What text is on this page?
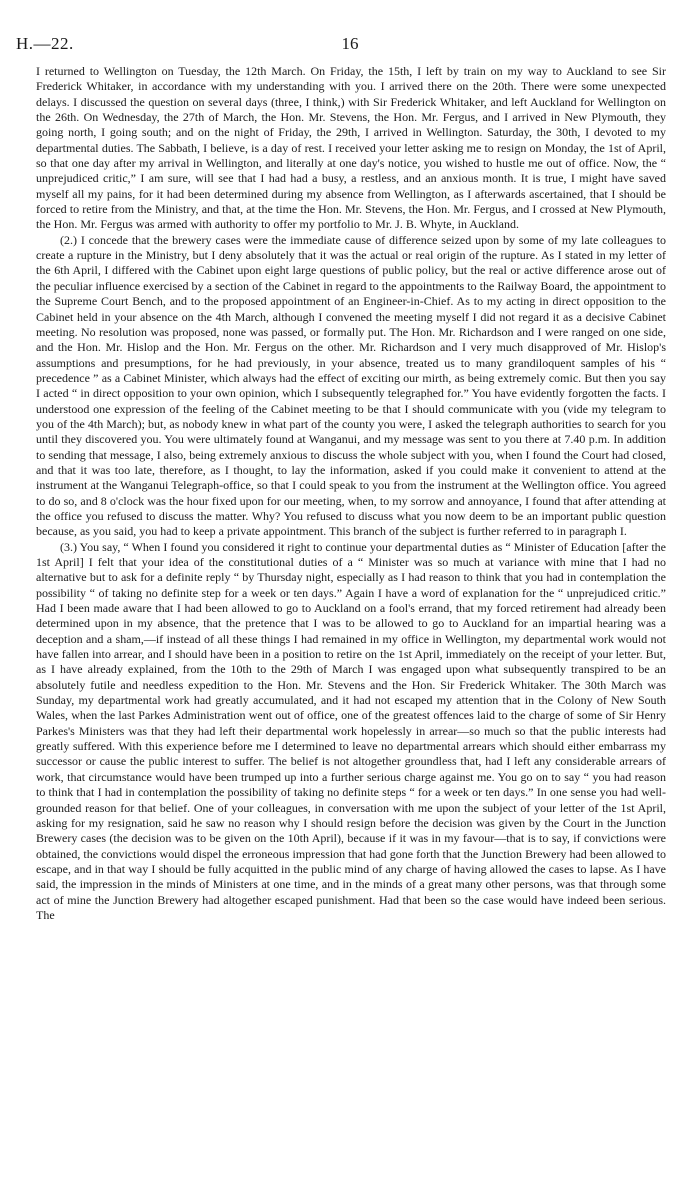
H.—22.	16

I returned to Wellington on Tuesday, the 12th March. On Friday, the 15th, I left by train on my way to Auckland to see Sir Frederick Whitaker, in accordance with my understanding with you. I arrived there on the 20th. There were some unexpected delays. I discussed the question on several days (three, I think,) with Sir Frederick Whitaker, and left Auckland for Wellington on the 26th. On Wednesday, the 27th of March, the Hon. Mr. Stevens, the Hon. Mr. Fergus, and I arrived in New Plymouth, they going north, I going south; and on the night of Friday, the 29th, I arrived in Wellington. Saturday, the 30th, I devoted to my departmental duties. The Sabbath, I believe, is a day of rest. I received your letter asking me to resign on Monday, the 1st of April, so that one day after my arrival in Wellington, and literally at one day's notice, you wished to hustle me out of office. Now, the “ unprejudiced critic,” I am sure, will see that I had had a busy, a restless, and an anxious month. It is true, I might have saved myself all my pains, for it had been determined during my absence from Wellington, as I afterwards ascertained, that I should be forced to retire from the Ministry, and that, at the time the Hon. Mr. Stevens, the Hon. Mr. Fergus, and I crossed at New Plymouth, the Hon. Mr. Fergus was armed with authority to offer my portfolio to Mr. J. B. Whyte, in Auckland.

(2.) I concede that the brewery cases were the immediate cause of difference seized upon by some of my late colleagues to create a rupture in the Ministry, but I deny absolutely that it was the actual or real origin of the rupture. As I stated in my letter of the 6th April, I differed with the Cabinet upon eight large questions of public policy, but the real or active difference arose out of the peculiar influence exercised by a section of the Cabinet in regard to the appointments to the Railway Board, the appointment to the Supreme Court Bench, and to the proposed appointment of an Engineer-in-Chief. As to my acting in direct opposition to the Cabinet held in your absence on the 4th March, although I convened the meeting myself I did not regard it as a decisive Cabinet meeting. No resolution was proposed, none was passed, or formally put. The Hon. Mr. Richardson and I were ranged on one side, and the Hon. Mr. Hislop and the Hon. Mr. Fergus on the other. Mr. Richardson and I very much disapproved of Mr. Hislop's assumptions and presumptions, for he had previously, in your absence, treated us to many grandiloquent samples of his “ precedence ” as a Cabinet Minister, which always had the effect of exciting our mirth, as being extremely comic. But then you say I acted “ in direct opposition to your own opinion, which I subsequently telegraphed for.” You have evidently forgotten the facts. I understood one expression of the feeling of the Cabinet meeting to be that I should communicate with you (vide my telegram to you of the 4th March); but, as nobody knew in what part of the county you were, I asked the telegraph authorities to search for you until they discovered you. You were ultimately found at Wanganui, and my message was sent to you there at 7.40 p.m. In addition to sending that message, I also, being extremely anxious to discuss the whole subject with you, when I found the Court had closed, and that it was too late, therefore, as I thought, to lay the information, asked if you could make it convenient to attend at the instrument at the Wanganui Telegraph-office, so that I could speak to you from the instrument at the Wellington office. You agreed to do so, and 8 o'clock was the hour fixed upon for our meeting, when, to my sorrow and annoyance, I found that after attending at the office you refused to discuss the matter. Why? You refused to discuss what you now deem to be an important public question because, as you said, you had to keep a private appointment. This branch of the subject is further referred to in paragraph I.

(3.) You say, “ When I found you considered it right to continue your departmental duties as “ Minister of Education [after the 1st April] I felt that your idea of the constitutional duties of a “ Minister was so much at variance with mine that I had no alternative but to ask for a definite reply “ by Thursday night, especially as I had reason to think that you had in contemplation the possibility “ of taking no definite step for a week or ten days.” Again I have a word of explanation for the “ unprejudiced critic.” Had I been made aware that I had been allowed to go to Auckland on a fool's errand, that my forced retirement had already been determined upon in my absence, that the pretence that I was to be allowed to go to Auckland for an impartial hearing was a deception and a sham,—if instead of all these things I had remained in my office in Wellington, my departmental work would not have fallen into arrear, and I should have been in a position to retire on the 1st April, immediately on the receipt of your letter. But, as I have already explained, from the 10th to the 29th of March I was engaged upon what subsequently transpired to be an absolutely futile and needless expedition to the Hon. Mr. Stevens and the Hon. Sir Frederick Whitaker. The 30th March was Sunday, my departmental work had greatly accumulated, and it had not escaped my attention that in the Colony of New South Wales, when the last Parkes Administration went out of office, one of the greatest offences laid to the charge of some of Sir Henry Parkes's Ministers was that they had left their departmental work hopelessly in arrear—so much so that the public interests had greatly suffered. With this experience before me I determined to leave no departmental arrears which should either embarrass my successor or cause the public interest to suffer. The belief is not altogether groundless that, had I left any considerable arrears of work, that circumstance would have been trumped up into a further serious charge against me. You go on to say “ you had reason to think that I had in contemplation the possibility of taking no definite steps “ for a week or ten days.” In one sense you had well-grounded reason for that belief. One of your colleagues, in conversation with me upon the subject of your letter of the 1st April, asking for my resignation, said he saw no reason why I should resign before the decision was given by the Court in the Junction Brewery cases (the decision was to be given on the 10th April), because if it was in my favour—that is to say, if convictions were obtained, the convictions would dispel the erroneous impression that had gone forth that the Junction Brewery had been allowed to escape, and in that way I should be fully acquitted in the public mind of any charge of having allowed the cases to lapse. As I have said, the impression in the minds of Ministers at one time, and in the minds of a great many other persons, was that through some act of mine the Junction Brewery had altogether escaped punishment. Had that been so the case would have indeed been serious. The
